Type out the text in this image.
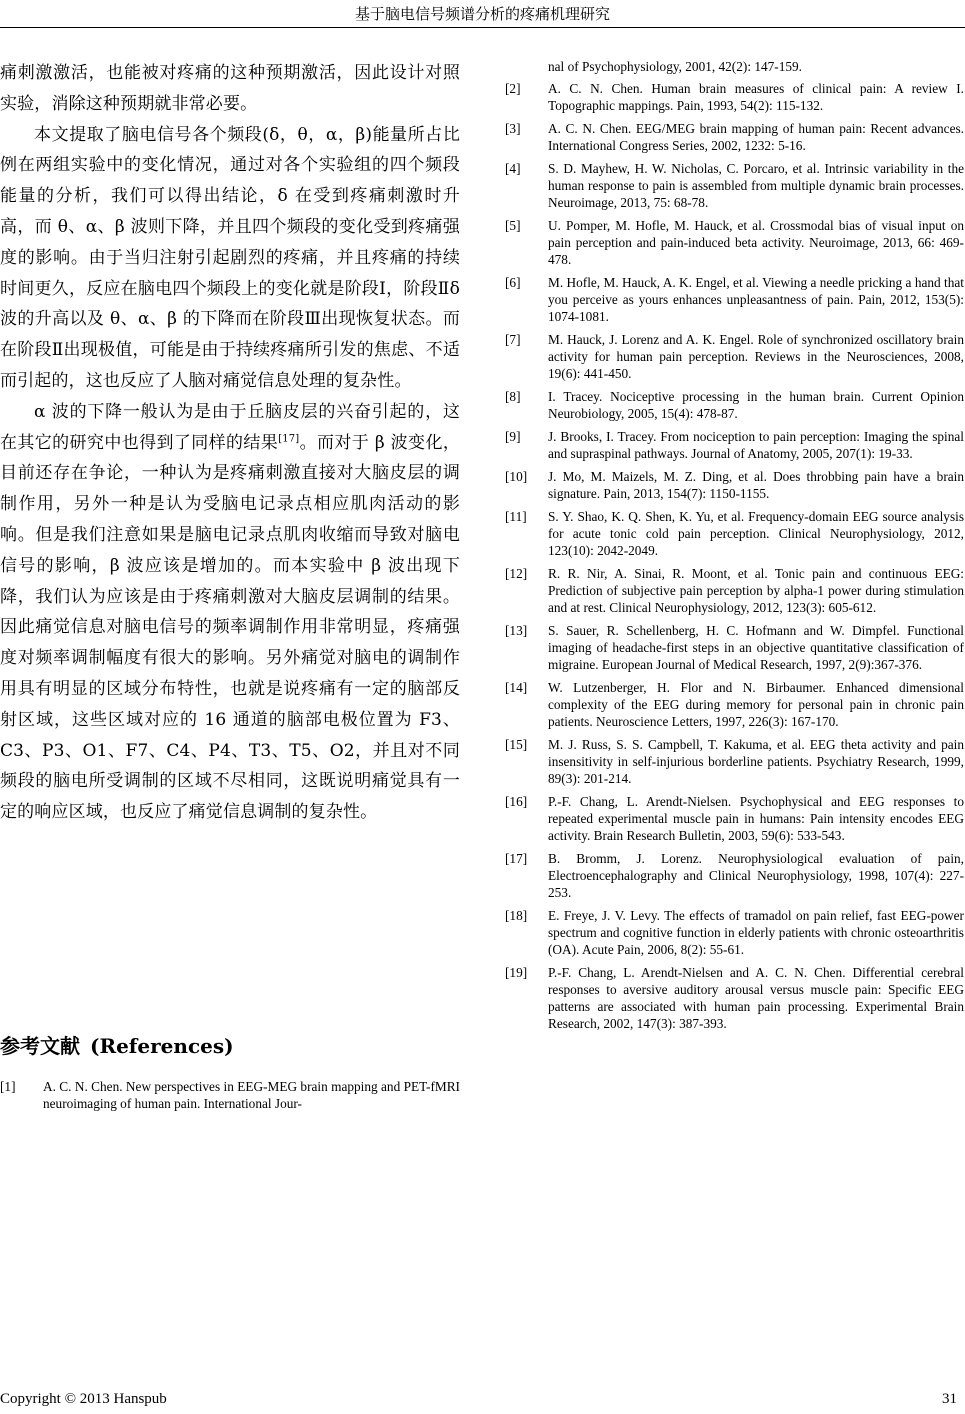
基于脑电信号频谱分析的疼痛机理研究

痛刺激激活，也能被对疼痛的这种预期激活，因此设计对照实验，消除这种预期就非常必要。

本文提取了脑电信号各个频段(δ，θ，α，β)能量所占比例在两组实验中的变化情况，通过对各个实验组的四个频段能量的分析，我们可以得出结论，δ 在受到疼痛刺激时升高，而 θ、α、β 波则下降，并且四个频段的变化受到疼痛强度的影响。由于当归注射引起剧烈的疼痛，并且疼痛的持续时间更久，反应在脑电四个频段上的变化就是阶段Ⅰ，阶段Ⅱδ 波的升高以及 θ、α、β 的下降而在阶段Ⅲ出现恢复状态。而在阶段Ⅱ出现极值，可能是由于持续疼痛所引发的焦虑、不适而引起的，这也反应了人脑对痛觉信息处理的复杂性。

α 波的下降一般认为是由于丘脑皮层的兴奋引起的，这在其它的研究中也得到了同样的结果[17]。而对于 β 波变化，目前还存在争论，一种认为是疼痛刺激直接对大脑皮层的调制作用，另外一种是认为受脑电记录点相应肌肉活动的影响。但是我们注意如果是脑电记录点肌肉收缩而导致对脑电信号的影响，β 波应该是增加的。而本实验中 β 波出现下降，我们认为应该是由于疼痛刺激对大脑皮层调制的结果。因此痛觉信息对脑电信号的频率调制作用非常明显，疼痛强度对频率调制幅度有很大的影响。另外痛觉对脑电的调制作用具有明显的区域分布特性，也就是说疼痛有一定的脑部反射区域，这些区域对应的 16 通道的脑部电极位置为 F3、C3、P3、O1、F7、C4、P4、T3、T5、O2，并且对不同频段的脑电所受调制的区域不尽相同，这既说明痛觉具有一定的响应区域，也反应了痛觉信息调制的复杂性。

参考文献 (References)
[1] A. C. N. Chen. New perspectives in EEG-MEG brain mapping and PET-fMRI neuroimaging of human pain. International Jour-
nal of Psychophysiology, 2001, 42(2): 147-159.
[2] A. C. N. Chen. Human brain measures of clinical pain: A review I. Topographic mappings. Pain, 1993, 54(2): 115-132.
[3] A. C. N. Chen. EEG/MEG brain mapping of human pain: Recent advances. International Congress Series, 2002, 1232: 5-16.
[4] S. D. Mayhew, H. W. Nicholas, C. Porcaro, et al. Intrinsic variability in the human response to pain is assembled from multiple dynamic brain processes. Neuroimage, 2013, 75: 68-78.
[5] U. Pomper, M. Hofle, M. Hauck, et al. Crossmodal bias of visual input on pain perception and pain-induced beta activity. Neuroimage, 2013, 66: 469-478.
[6] M. Hofle, M. Hauck, A. K. Engel, et al. Viewing a needle pricking a hand that you perceive as yours enhances unpleasantness of pain. Pain, 2012, 153(5): 1074-1081.
[7] M. Hauck, J. Lorenz and A. K. Engel. Role of synchronized oscillatory brain activity for human pain perception. Reviews in the Neurosciences, 2008, 19(6): 441-450.
[8] I. Tracey. Nociceptive processing in the human brain. Current Opinion Neurobiology, 2005, 15(4): 478-87.
[9] J. Brooks, I. Tracey. From nociception to pain perception: Imaging the spinal and supraspinal pathways. Journal of Anatomy, 2005, 207(1): 19-33.
[10] J. Mo, M. Maizels, M. Z. Ding, et al. Does throbbing pain have a brain signature. Pain, 2013, 154(7): 1150-1155.
[11] S. Y. Shao, K. Q. Shen, K. Yu, et al. Frequency-domain EEG source analysis for acute tonic cold pain perception. Clinical Neurophysiology, 2012, 123(10): 2042-2049.
[12] R. R. Nir, A. Sinai, R. Moont, et al. Tonic pain and continuous EEG: Prediction of subjective pain perception by alpha-1 power during stimulation and at rest. Clinical Neurophysiology, 2012, 123(3): 605-612.
[13] S. Sauer, R. Schellenberg, H. C. Hofmann and W. Dimpfel. Functional imaging of headache-first steps in an objective quantitative classification of migraine. European Journal of Medical Research, 1997, 2(9):367-376.
[14] W. Lutzenberger, H. Flor and N. Birbaumer. Enhanced dimensional complexity of the EEG during memory for personal pain in chronic pain patients. Neuroscience Letters, 1997, 226(3): 167-170.
[15] M. J. Russ, S. S. Campbell, T. Kakuma, et al. EEG theta activity and pain insensitivity in self-injurious borderline patients. Psychiatry Research, 1999, 89(3): 201-214.
[16] P.-F. Chang, L. Arendt-Nielsen. Psychophysical and EEG responses to repeated experimental muscle pain in humans: Pain intensity encodes EEG activity. Brain Research Bulletin, 2003, 59(6): 533-543.
[17] B. Bromm, J. Lorenz. Neurophysiological evaluation of pain, Electroencephalography and Clinical Neurophysiology, 1998, 107(4): 227-253.
[18] E. Freye, J. V. Levy. The effects of tramadol on pain relief, fast EEG-power spectrum and cognitive function in elderly patients with chronic osteoarthritis (OA). Acute Pain, 2006, 8(2): 55-61.
[19] P.-F. Chang, L. Arendt-Nielsen and A. C. N. Chen. Differential cerebral responses to aversive auditory arousal versus muscle pain: Specific EEG patterns are associated with human pain processing. Experimental Brain Research, 2002, 147(3): 387-393.
Copyright © 2013 Hanspub	31
